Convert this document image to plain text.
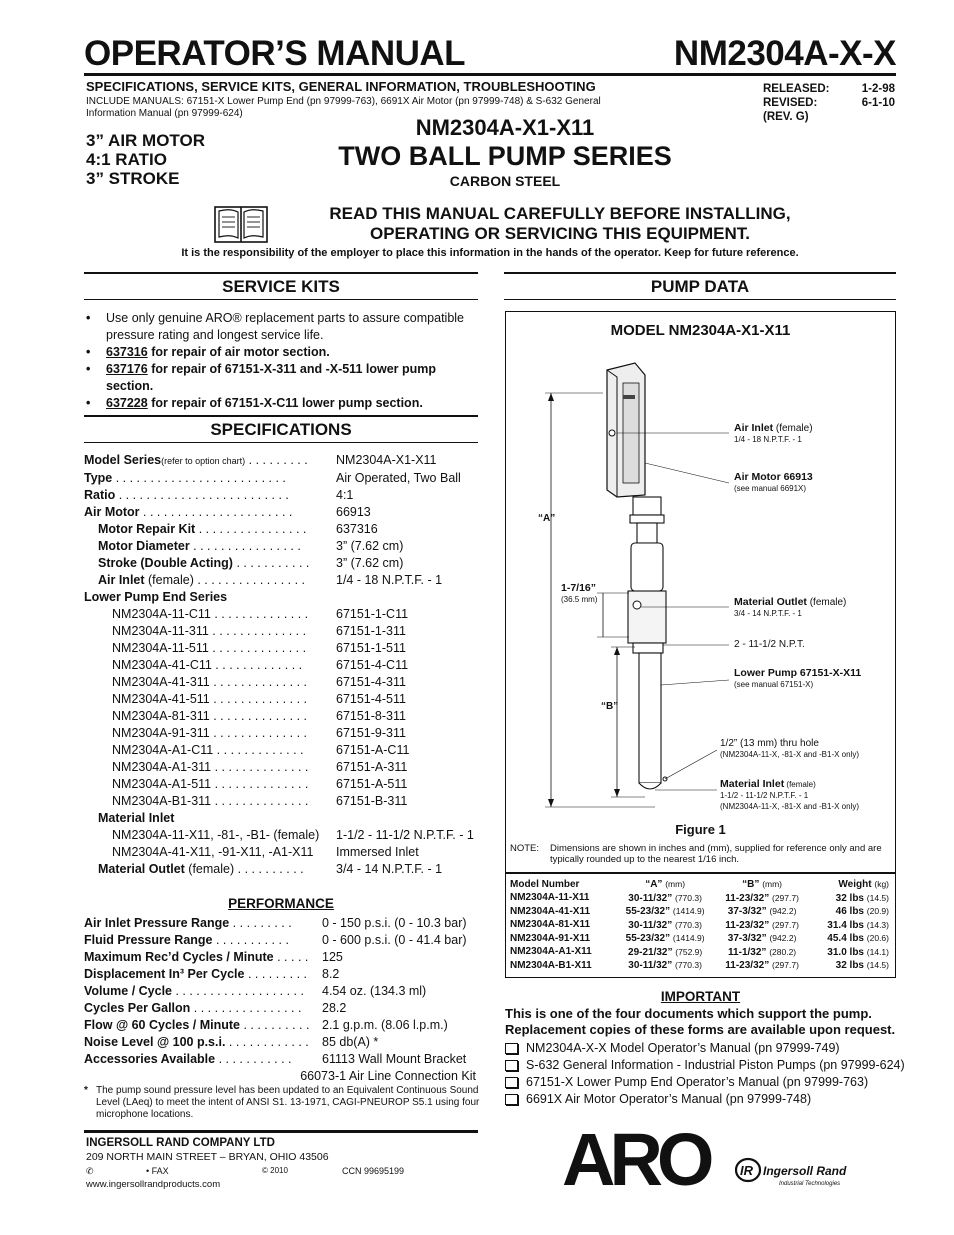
OPERATOR’S MANUAL	NM2304A-X-X
SPECIFICATIONS, SERVICE KITS, GENERAL INFORMATION, TROUBLESHOOTING
INCLUDE MANUALS: 67151-X Lower Pump End (pn 97999-763), 6691X Air Motor (pn 97999-748) & S-632 General Information Manual (pn 97999-624)
RELEASED:	1-2-98
REVISED:	6-1-10
(REV. G)	
3” AIR MOTOR
4:1 RATIO
3” STROKE
NM2304A-X1-X11
TWO BALL PUMP SERIES
CARBON STEEL
READ THIS MANUAL CAREFULLY BEFORE INSTALLING,
OPERATING OR SERVICING THIS EQUIPMENT.
It is the responsibility of the employer to place this information in the hands of the operator. Keep for future reference.
SERVICE KITS
• Use only genuine ARO® replacement parts to assure compatible pressure rating and longest service life.
• 637316 for repair of air motor section.
• 637176 for repair of 67151-X-311 and -X-511 lower pump section.
• 637228 for repair of 67151-X-C11 lower pump section.
SPECIFICATIONS
Model Series(refer to option chart) . . . . . . . . .	NM2304A-X1-X11
Type . . . . . . . . . . . . . . . . . . . . . . . . .	Air Operated, Two Ball
Ratio . . . . . . . . . . . . . . . . . . . . . . . . .	4:1
Air Motor . . . . . . . . . . . . . . . . . . . . . .	66913
Motor Repair Kit . . . . . . . . . . . . . . . .	637316
Motor Diameter . . . . . . . . . . . . . . . .	3” (7.62 cm)
Stroke (Double Acting) . . . . . . . . . . .	3” (7.62 cm)
Air Inlet (female) . . . . . . . . . . . . . . . .	1/4 - 18 N.P.T.F. - 1
Lower Pump End Series
NM2304A-11-C11 . . . . . . . . . . . . . .	67151-1-C11
NM2304A-11-311 . . . . . . . . . . . . . .	67151-1-311
NM2304A-11-511 . . . . . . . . . . . . . .	67151-1-511
NM2304A-41-C11 . . . . . . . . . . . . .	67151-4-C11
NM2304A-41-311 . . . . . . . . . . . . . .	67151-4-311
NM2304A-41-511 . . . . . . . . . . . . . .	67151-4-511
NM2304A-81-311 . . . . . . . . . . . . . .	67151-8-311
NM2304A-91-311 . . . . . . . . . . . . . .	67151-9-311
NM2304A-A1-C11 . . . . . . . . . . . . .	67151-A-C11
NM2304A-A1-311 . . . . . . . . . . . . . .	67151-A-311
NM2304A-A1-511 . . . . . . . . . . . . . .	67151-A-511
NM2304A-B1-311 . . . . . . . . . . . . . .	67151-B-311
Material Inlet
NM2304A-11-X11, -81-, -B1- (female)	1-1/2 - 11-1/2 N.P.T.F. - 1
NM2304A-41-X11, -91-X11, -A1-X11	Immersed Inlet
Material Outlet (female) . . . . . . . . . .	3/4 - 14 N.P.T.F. - 1
PERFORMANCE
Air Inlet Pressure Range . . . . . . . . .	0 - 150 p.s.i. (0 - 10.3 bar)
Fluid Pressure Range . . . . . . . . . . .	0 - 600 p.s.i. (0 - 41.4 bar)
Maximum Rec’d Cycles / Minute . . . . .	125
Displacement In³ Per Cycle . . . . . . . . .	8.2
Volume / Cycle . . . . . . . . . . . . . . . . . . .	4.54 oz. (134.3 ml)
Cycles Per Gallon . . . . . . . . . . . . . . . .	28.2
Flow @ 60 Cycles / Minute . . . . . . . . . .	2.1 g.p.m. (8.06 l.p.m.)
Noise Level @ 100 p.s.i. . . . . . . . . . . . .	85 db(A) *
Accessories Available . . . . . . . . . . .	61113 Wall Mount Bracket
66073-1 Air Line Connection Kit
* The pump sound pressure level has been updated to an Equivalent Continuous Sound Level (LAeq) to meet the intent of ANSI S1. 13-1971, CAGI-PNEUROP S5.1 using four microphone locations.
INGERSOLL RAND COMPANY LTD
209 NORTH MAIN STREET – BRYAN, OHIO 43506
✆	• FAX	© 2010	CCN 99695199
www.ingersollrandproducts.com
PUMP DATA
MODEL NM2304A-X1-X11
Air Inlet (female)
1/4 - 18 N.P.T.F. - 1
Air Motor 66913
(see manual 6691X)
“A”
1-7/16”
(36.5 mm)	Material Outlet (female)
3/4 - 14 N.P.T.F. - 1
2 - 11-1/2 N.P.T.
Lower Pump 67151-X-X11
(see manual 67151-X)
“B”
1/2” (13 mm) thru hole
(NM2304A-11-X, -81-X and -B1-X only)
Material Inlet (female)
1-1/2 - 11-1/2 N.P.T.F. - 1
(NM2304A-11-X, -81-X and -B1-X only)
Figure 1
NOTE:	Dimensions are shown in inches and (mm), supplied for reference only and are typically rounded up to the nearest 1/16 inch.
Model Number	“A” (mm)	“B” (mm)	Weight (kg)
NM2304A-11-X11	30-11/32” (770.3)	11-23/32” (297.7)	32 lbs (14.5)
NM2304A-41-X11	55-23/32” (1414.9)	37-3/32” (942.2)	46 lbs (20.9)
NM2304A-81-X11	30-11/32” (770.3)	11-23/32” (297.7)	31.4 lbs (14.3)
NM2304A-91-X11	55-23/32” (1414.9)	37-3/32” (942.2)	45.4 lbs (20.6)
NM2304A-A1-X11	29-21/32” (752.9)	11-1/32” (280.2)	31.0 lbs (14.1)
NM2304A-B1-X11	30-11/32” (770.3)	11-23/32” (297.7)	32 lbs (14.5)
IMPORTANT
This is one of the four documents which support the pump. Replacement copies of these forms are available upon request.
NM2304A-X-X Model Operator’s Manual (pn 97999-749)
S-632 General Information - Industrial Piston Pumps (pn 97999-624)
67151-X Lower Pump End Operator’s Manual (pn 97999-763)
6691X Air Motor Operator’s Manual (pn 97999-748)
ARO IR Ingersoll Rand
Industrial Technologies
